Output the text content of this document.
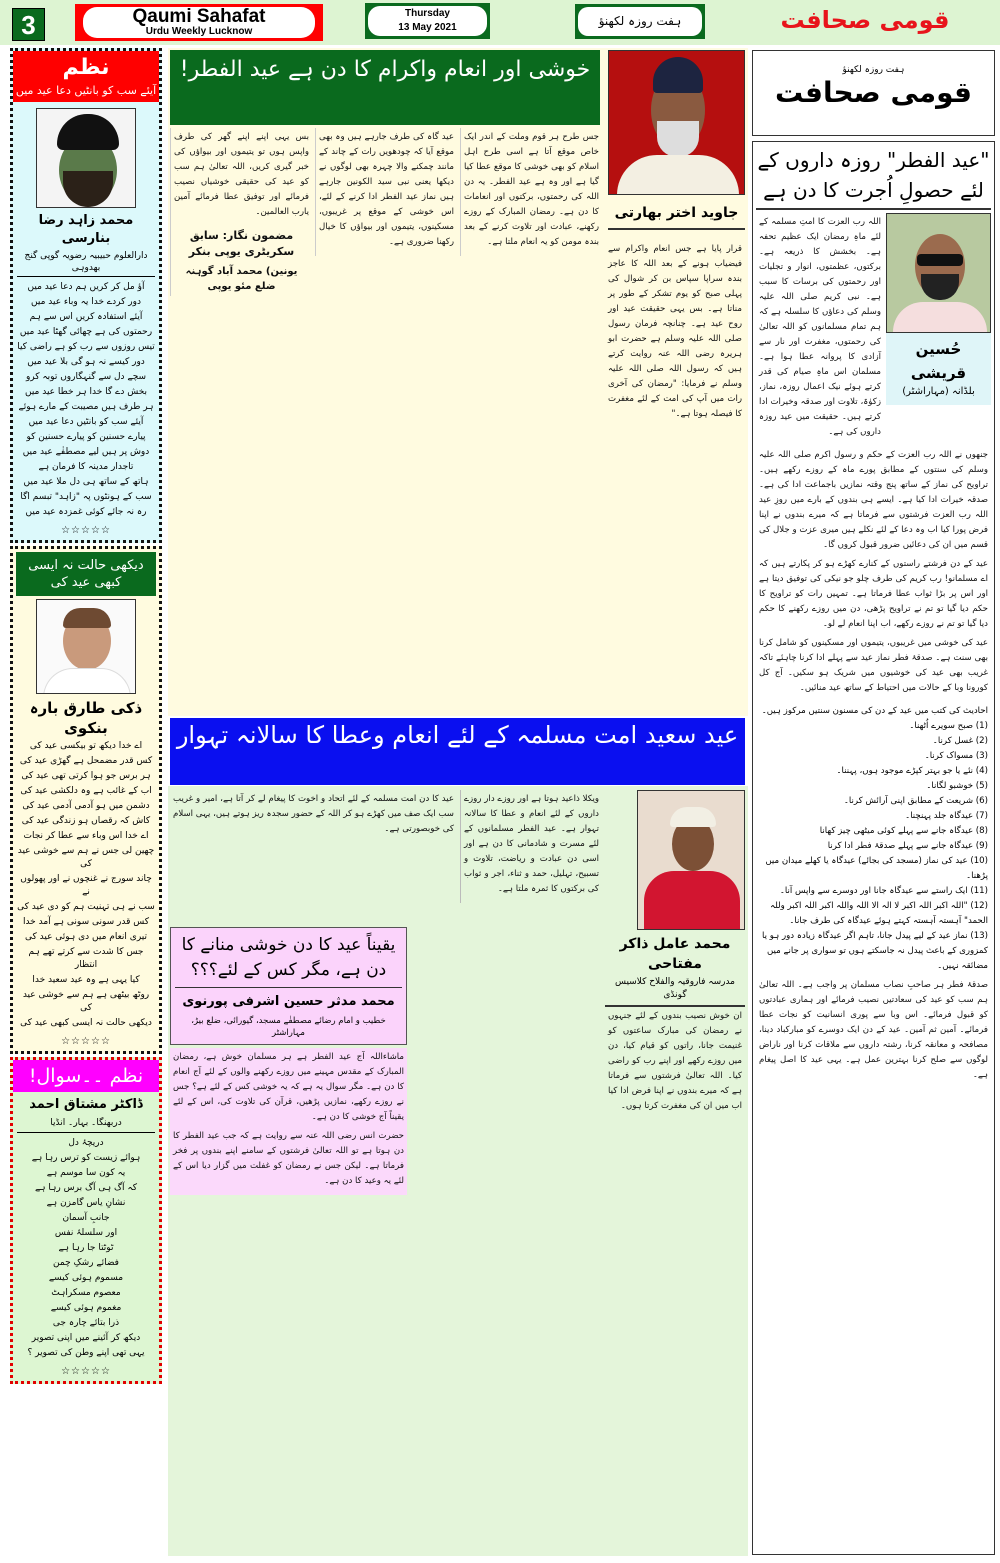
3	Qaumi Sahafat
Urdu Weekly Lucknow
Thursday
13 May 2021	ہفت روزہ لکھنؤ	قومی صحافت
نظم
آیئے سب کو بانٹیں دعا عید میں
محمد زاہد رضا بنارسی
دارالعلوم حبیبیہ رضویہ گوپی گنج بھدوہی
آؤ مل کر کریں ہم دعا عید میں
دور کردے خدا یہ وباء عید میں
آیئے استفادہ کریں اس سے ہم
رحمتوں کی ہے چھائی گھٹا عید میں
تیس روزوں سے رب کو ہے راضی کیا
دور کیسے نہ ہو گی بلا عید میں
سچے دل سے گنہگاروں توبہ کرو
بخش دے گا خدا ہر خطا عید میں
ہر طرف ہیں مصیبت کے مارے ہوئے
آیئے سب کو بانٹیں دعا عید میں
پیارے حسنین کو پیارے حسنین کو
دوش پر ہیں لیے مصطفٰے عید میں
تاجدار مدینہ کا فرمان ہے
ہاتھ کے ساتھ ہی دل ملا عید میں
سب کے ہونٹوں پہ "زاہد" تبسم اگا
رہ نہ جائے کوئی غمزدہ عید میں
☆☆☆☆☆
دیکھی حالت نہ ایسی کبھی عید کی
ذکی طارق بارہ بنکوی
اے خدا دیکھ تو بیکسی عید کی
کس قدر مضمحل ہے گھڑی عید کی
ہر برس جو ہوا کرتی تھی عید کی
اب کے غائب ہے وہ دلکشی عید کی
دشمن میں ہو آدمی آدمی عید کی
کاش کہ رقصاں ہو زندگی عید کی
اے خدا اس وباء سے عطا کر نجات
چھین لی جس نے ہم سے خوشی عید کی
چاند سورج نے غنچوں نے اور پھولوں نے
سب نے ہی تہنیت ہم کو دی عید کی
کس قدر سونی سونی ہے آمد خدا
تیری انعام میں دی ہوئی عید کی
جس کا شدت سے کرتے تھے ہم انتظار
کیا یہی ہے وہ عید سعید خدا
روٹھ بیٹھی ہے ہم سے خوشی عید کی
دیکھی حالت نہ ایسی کبھی عید کی
☆☆☆☆☆
نظم ۔۔سوال!
ڈاکٹر مشتاق احمد
دربھنگا۔ بہار۔ انڈیا
دریچۂ دل
ہوائے زیست کو ترس رہا ہے
یہ کون سا موسم ہے
کہ آگ ہی آگ برس رہا ہے
نشانِ یاس گامزن ہے
جانبِ آسمان
اور سلسلۂ نفس
ٹوٹتا جا رہا ہے
فضائے رشکِ چمن
مسموم ہوئی کیسے
معصوم مسکراہٹ
مغموم ہوئی کیسے
ذرا بتائے چارہ جی
دیکھ کر آئینے میں اپنی تصویر
یہی تھی اپنے وطن کی تصویر ؟
☆☆☆☆☆
خوشی اور انعام واکرام کا دن ہے عید الفطر!
جاوید اختر بھارتی

قرار پایا ہے جس انعام واکرام سے فیضیاب ہونے کے بعد اللہ کا عاجز بندہ سراپا سپاس بن کر شوال کی پہلی صبح کو یوم تشکر کے طور پر مناتا ہے۔ بس یہی حقیقت عید اور روح عید ہے۔ چنانچہ فرمان رسول صلی اللہ علیہ وسلم ہے حضرت ابو ہریرہ رضی اللہ عنہ روایت کرتے ہیں کہ رسول اللہ صلی اللہ علیہ وسلم نے فرمایا: "رمضان کی آخری رات میں آپ کی امت کے لئے مغفرت کا فیصلہ ہوتا ہے۔"

جس طرح ہر قوم وملت کے اندر ایک خاص موقع آتا ہے اسی طرح اہل اسلام کو بھی خوشی کا موقع عطا کیا گیا ہے اور وہ ہے عید الفطر۔ یہ دن اللہ کی رحمتوں، برکتوں اور انعامات کا دن ہے۔ رمضان المبارک کے روزے رکھنے، عبادت اور تلاوت کرنے کے بعد بندہ مومن کو یہ انعام ملتا ہے۔

عید گاہ کی طرف جارہے ہیں وہ بھی موقع آیا کہ چودھویں رات کے چاند کے مانند چمکنے والا چہرہ بھی لوگوں نے دیکھا یعنی نبی سید الکونین جارہے ہیں نماز عید الفطر ادا کرنے کے لئے، اس خوشی کے موقع پر غریبوں، مسکینوں، یتیموں اور بیواؤں کا خیال رکھنا ضروری ہے۔

بس یہی اپنے اپنے گھر کی طرف واپس ہوں تو یتیموں اور بیواؤں کی خبر گیری کریں، اللہ تعالیٰ ہم سب کو عید کی حقیقی خوشیاں نصیب فرمائے اور توفیق عطا فرمائے آمین یارب العالمین۔

مضمون نگار: سابق سکریٹری یوپی بنکر
یونین) محمد آباد گوہنہ ضلع مئو یوپی
عید سعید امت مسلمہ کے لئے انعام وعطا کا سالانہ تہوار
محمد عامل ذاکر مفتاحی
مدرسہ فاروقیہ والفلاح کلاسیس
گونڈی

ان خوش نصیب بندوں کے لئے جنہوں نے رمضان کی مبارک ساعتوں کو غنیمت جانا، راتوں کو قیام کیا، دن میں روزے رکھے اور اپنے رب کو راضی کیا۔ اللہ تعالیٰ فرشتوں سے فرماتا ہے کہ میرے بندوں نے اپنا فرض ادا کیا اب میں ان کی مغفرت کرتا ہوں۔

ویکلا ذاعید ہوتا ہے اور روزے دار روزے داروں کے لئے انعام و عطا کا سالانہ تہوار ہے۔ عید الفطر مسلمانوں کے لئے مسرت و شادمانی کا دن ہے اور اسی دن عبادت و ریاضت، تلاوت و تسبیح، تہلیل، حمد و ثناء، اجر و ثواب کی برکتوں کا ثمرہ ملتا ہے۔

عید کا دن امت مسلمہ کے لئے اتحاد و اخوت کا پیغام لے کر آتا ہے، امیر و غریب سب ایک صف میں کھڑے ہو کر اللہ کے حضور سجدہ ریز ہوتے ہیں، یہی اسلام کی خوبصورتی ہے۔

یقیناً عید کا دن خوشی منانے کا دن ہے، مگر کس کے لئے؟؟؟
محمد مدثر حسین اشرفی پورنوی
خطیب و امام رضائے مصطفٰے مسجد، گیورائی، ضلع بیڑ، مہاراشٹر

ماشاءاللہ آج عید الفطر ہے ہر مسلمان خوش ہے، رمضان المبارک کے مقدس مہینے میں روزے رکھنے والوں کے لئے آج انعام کا دن ہے۔ مگر سوال یہ ہے کہ یہ خوشی کس کے لئے ہے؟ جس نے روزے رکھے، نمازیں پڑھیں، قرآن کی تلاوت کی، اس کے لئے یقیناً آج خوشی کا دن ہے۔

حضرت انس رضی اللہ عنہ سے روایت ہے کہ جب عید الفطر کا دن ہوتا ہے تو اللہ تعالیٰ فرشتوں کے سامنے اپنے بندوں پر فخر فرماتا ہے۔ لیکن جس نے رمضان کو غفلت میں گزار دیا اس کے لئے یہ وعید کا دن ہے۔

ہفت روزہ لکھنؤ
قومی صحافت
"عید الفطر" روزہ داروں کے لئے حصولِ اُجرت کا دن ہے
حُسین قریشی
بلڈانہ (مہاراشٹر)

اللہ رب العزت کا امتِ مسلمہ کے لئے ماہِ رمضان ایک عظیم تحفہ ہے۔ بخشش کا ذریعہ ہے۔ برکتوں، عظمتوں، انوار و تجلیات اور رحمتوں کی برسات کا سبب ہے۔ نبی کریم صلی اللہ علیہ وسلم کی دعاؤں کا سلسلہ ہے کہ ہم تمام مسلمانوں کو اللہ تعالیٰ کی رحمتوں، مغفرت اور نار سے آزادی کا پروانہ عطا ہوا ہے۔ مسلمان اس ماہِ صیام کی قدر کرتے ہوئے نیک اعمال روزہ، نماز، زکوٰۃ، تلاوت اور صدقہ وخیرات ادا کرتے ہیں۔ حقیقت میں عید روزہ داروں کی ہے۔

جنھوں نے اللہ رب العزت کے حکم و رسول اکرم صلی اللہ علیہ وسلم کی سنتوں کے مطابق پورے ماہ کے روزے رکھے ہیں۔ تراویح کی نماز کے ساتھ پنج وقتہ نمازیں باجماعت ادا کی ہے۔ صدقہ خیرات ادا کیا ہے۔ ایسے ہی بندوں کے بارے میں روزِ عید اللہ رب العزت فرشتوں سے فرماتا ہے کہ میرے بندوں نے اپنا فرض پورا کیا اب وہ دعا کے لئے نکلے ہیں میری عزت و جلال کی قسم میں ان کی دعائیں ضرور قبول کروں گا۔

عید کے دن فرشتے راستوں کے کنارے کھڑے ہو کر پکارتے ہیں کہ اے مسلمانو! رب کریم کی طرف چلو جو نیکی کی توفیق دیتا ہے اور اس پر بڑا ثواب عطا فرماتا ہے۔ تمہیں رات کو تراویح کا حکم دیا گیا تو تم نے تراویح پڑھی، دن میں روزے رکھنے کا حکم دیا گیا تو تم نے روزے رکھے، اب اپنا انعام لے لو۔

عید کی خوشی میں غریبوں، یتیموں اور مسکینوں کو شامل کرنا بھی سنت ہے۔ صدقۂ فطر نماز عید سے پہلے ادا کرنا چاہئے تاکہ غریب بھی عید کی خوشیوں میں شریک ہو سکیں۔ آج کل کورونا وبا کے حالات میں احتیاط کے ساتھ عید منائیں۔

احادیث کی کتب میں عید کے دن کی مسنون سنتیں مرکوز ہیں۔
(1) صبح سویرے اُٹھنا۔
(2) غسل کرنا۔
(3) مسواک کرنا۔
(4) نئے یا جو بہتر کپڑے موجود ہوں، پہننا۔
(5) خوشبو لگانا۔
(6) شریعت کے مطابق اپنی آرائش کرنا۔
(7) عیدگاہ جلد پہنچنا۔
(8) عیدگاہ جانے سے پہلے کوئی میٹھی چیز کھانا
(9) عیدگاہ جانے سے پہلے صدقۂ فطر ادا کرنا
(10) عید کی نماز (مسجد کی بجائے) عیدگاہ یا کھلے میدان میں پڑھنا۔
(11) ایک راستے سے عیدگاہ جانا اور دوسرے سے واپس آنا۔
(12) "اللہ اکبر اللہ اکبر لا الہ الا اللہ واللہ اکبر اللہ اکبر وللہ الحمد" آہستہ آہستہ کہتے ہوئے عیدگاہ کی طرف جانا۔
(13) نماز عید کے لیے پیدل جانا، تاہم اگر عیدگاہ زیادہ دور ہو یا کمزوری کے باعث پیدل نہ جاسکتے ہوں تو سواری پر جانے میں مضائقہ نہیں۔

صدقۂ فطر ہر صاحبِ نصاب مسلمان پر واجب ہے۔ اللہ تعالیٰ ہم سب کو عید کی سعادتیں نصیب فرمائے اور ہماری عبادتوں کو قبول فرمائے۔ اس وبا سے پوری انسانیت کو نجات عطا فرمائے۔ آمین ثم آمین۔ عید کے دن ایک دوسرے کو مبارکباد دینا، مصافحہ و معانقہ کرنا، رشتہ داروں سے ملاقات کرنا اور ناراض لوگوں سے صلح کرنا بہترین عمل ہے۔ یہی عید کا اصل پیغام ہے۔
